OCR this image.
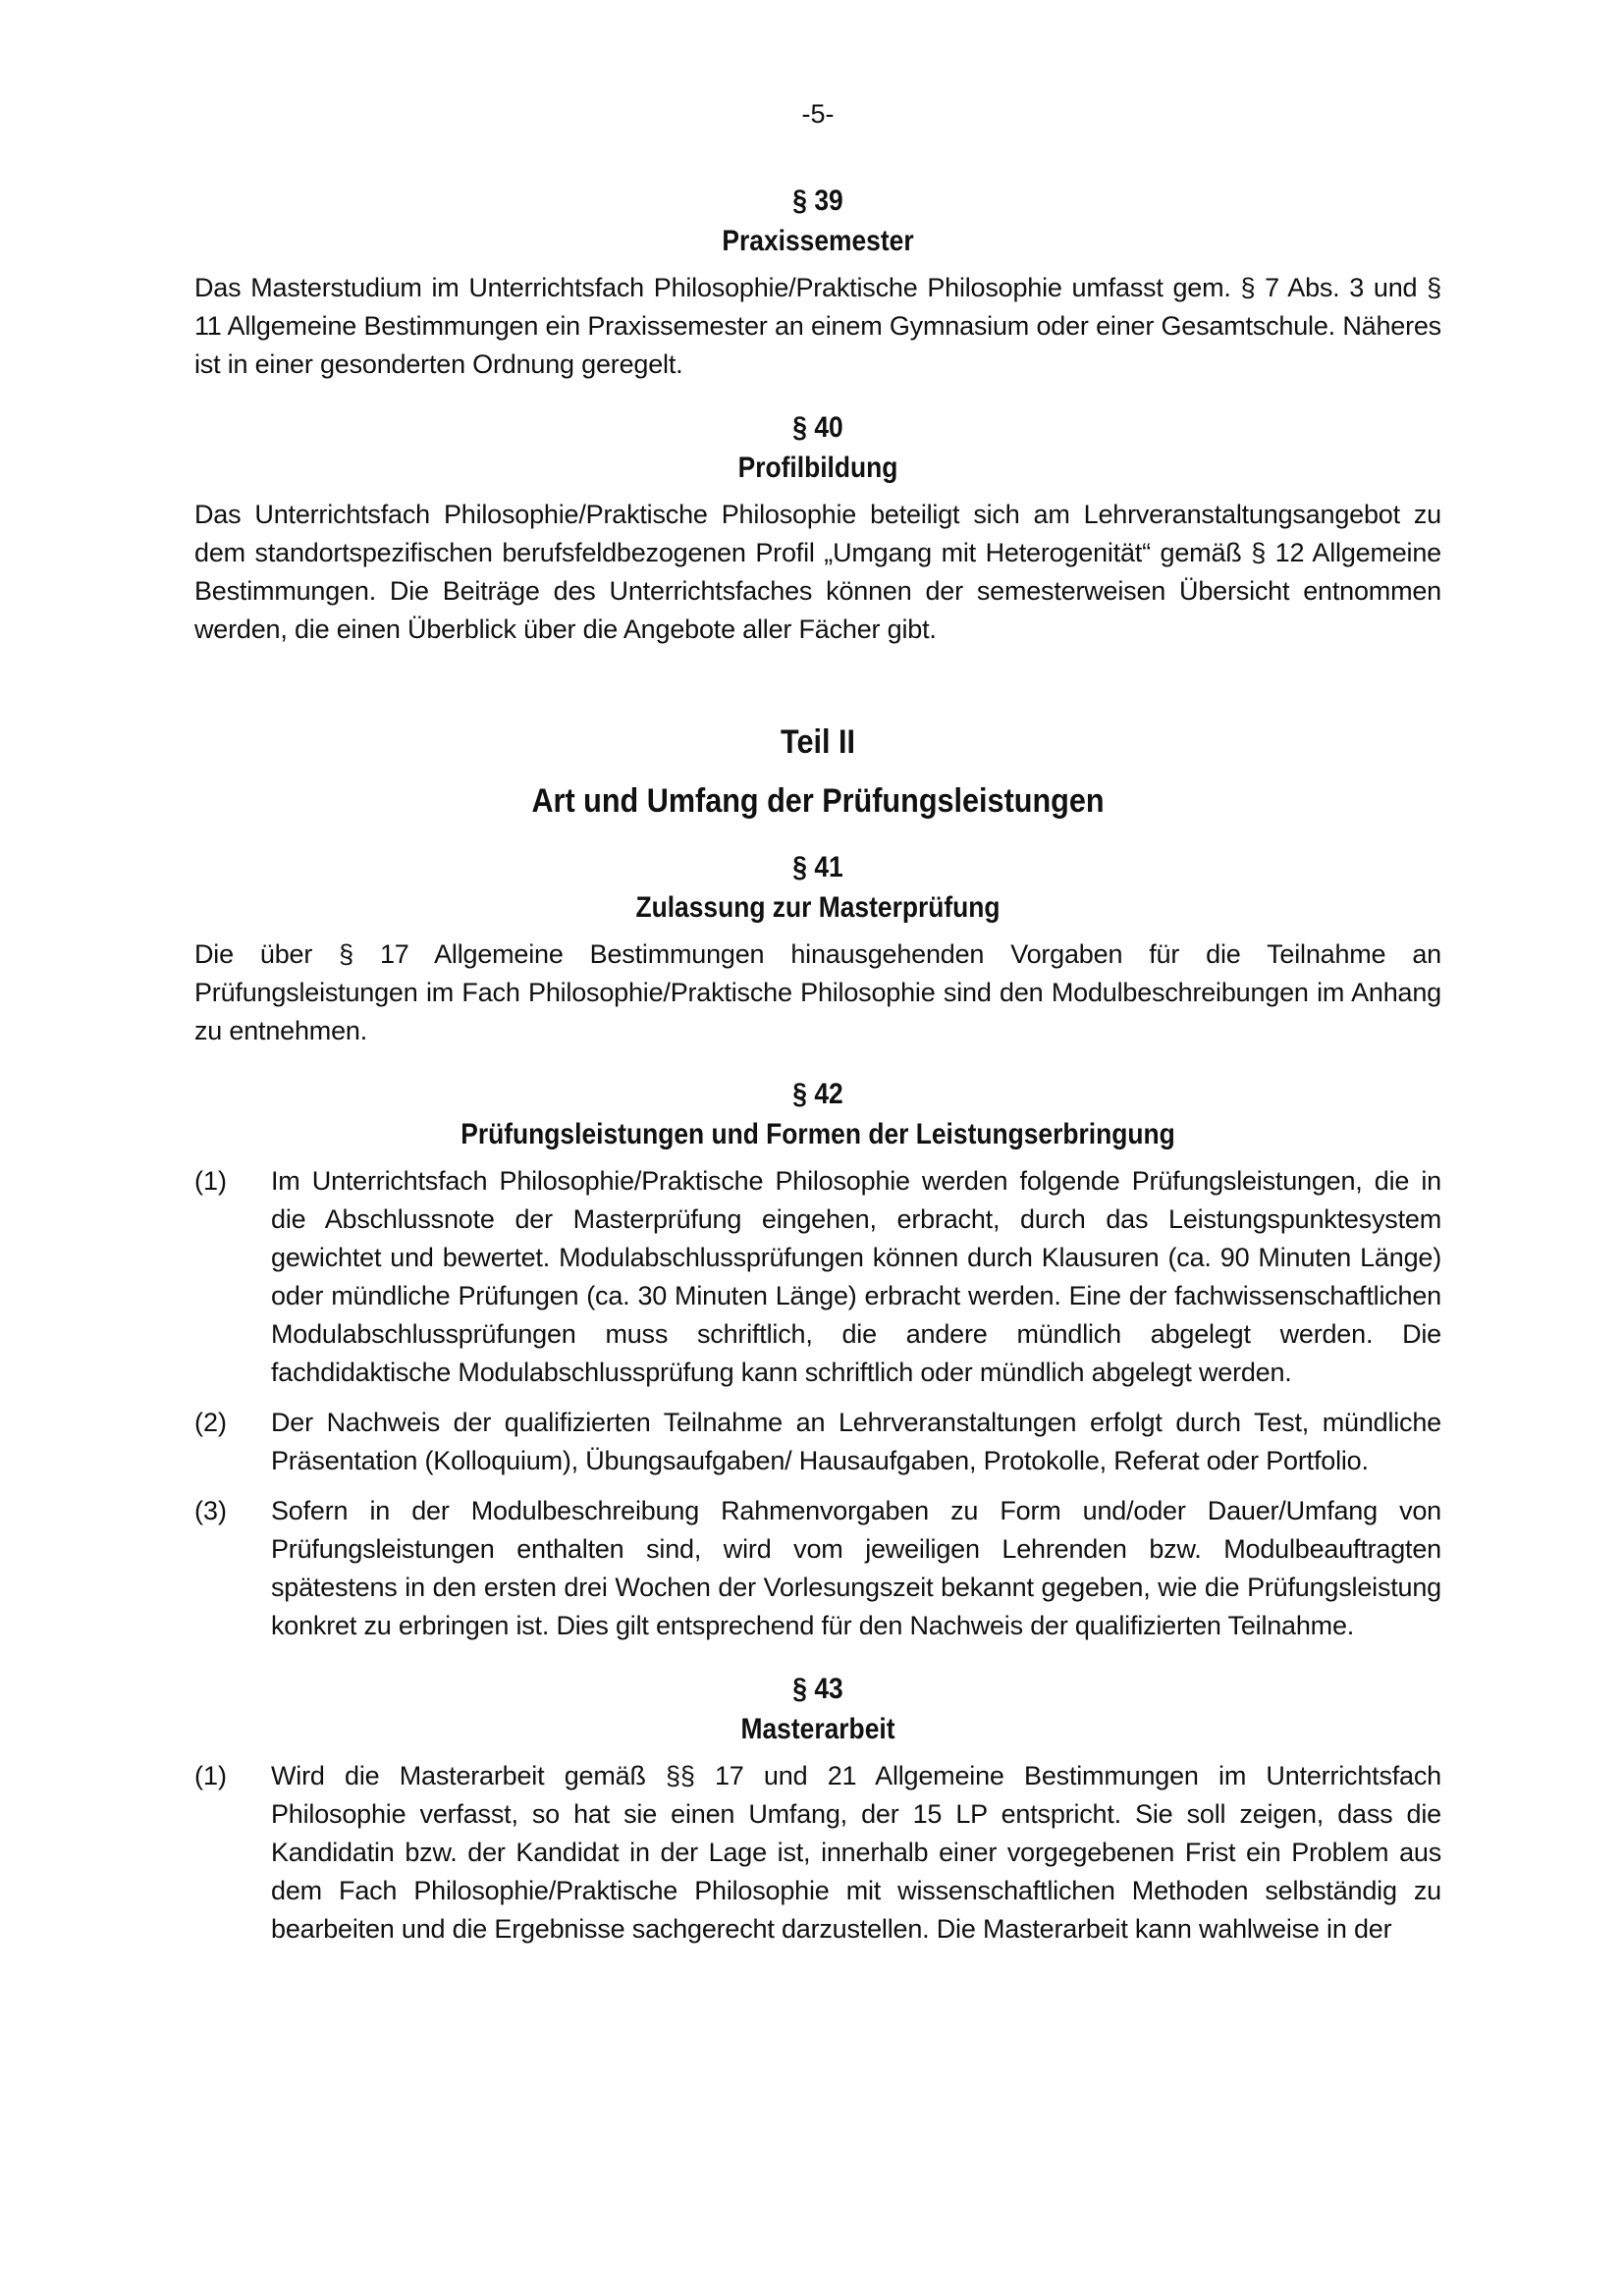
-5-
§ 39
Praxissemester

Das Masterstudium im Unterrichtsfach Philosophie/Praktische Philosophie umfasst gem. § 7 Abs. 3 und § 11 Allgemeine Bestimmungen ein Praxissemester an einem Gymnasium oder einer Gesamtschule. Näheres ist in einer gesonderten Ordnung geregelt.

§ 40
Profilbildung

Das Unterrichtsfach Philosophie/Praktische Philosophie beteiligt sich am Lehrveranstaltungsangebot zu dem standortspezifischen berufsfeldbezogenen Profil „Umgang mit Heterogenität“ gemäß § 12 Allgemeine Bestimmungen. Die Beiträge des Unterrichtsfaches können der semesterweisen Übersicht entnommen werden, die einen Überblick über die Angebote aller Fächer gibt.

Teil II
Art und Umfang der Prüfungsleistungen
§ 41
Zulassung zur Masterprüfung

Die über § 17 Allgemeine Bestimmungen hinausgehenden Vorgaben für die Teilnahme an Prüfungsleistungen im Fach Philosophie/Praktische Philosophie sind den Modulbeschreibungen im Anhang zu entnehmen.

§ 42
Prüfungsleistungen und Formen der Leistungserbringung
(1)	Im Unterrichtsfach Philosophie/Praktische Philosophie werden folgende Prüfungsleistungen, die in die Abschlussnote der Masterprüfung eingehen, erbracht, durch das Leistungspunktesystem gewichtet und bewertet. Modulabschlussprüfungen können durch Klausuren (ca. 90 Minuten Länge) oder mündliche Prüfungen (ca. 30 Minuten Länge) erbracht werden. Eine der fachwissenschaftlichen Modulabschlussprüfungen muss schriftlich, die andere mündlich abgelegt werden. Die fachdidaktische Modulabschlussprüfung kann schriftlich oder mündlich abgelegt werden.
(2)	Der Nachweis der qualifizierten Teilnahme an Lehrveranstaltungen erfolgt durch Test, mündliche Präsentation (Kolloquium), Übungsaufgaben/ Hausaufgaben, Protokolle, Referat oder Portfolio.
(3)	Sofern in der Modulbeschreibung Rahmenvorgaben zu Form und/oder Dauer/Umfang von Prüfungsleistungen enthalten sind, wird vom jeweiligen Lehrenden bzw. Modulbeauftragten spätestens in den ersten drei Wochen der Vorlesungszeit bekannt gegeben, wie die Prüfungsleistung konkret zu erbringen ist. Dies gilt entsprechend für den Nachweis der qualifizierten Teilnahme.
§ 43
Masterarbeit
(1)	Wird die Masterarbeit gemäß §§ 17 und 21 Allgemeine Bestimmungen im Unterrichtsfach Philosophie verfasst, so hat sie einen Umfang, der 15 LP entspricht. Sie soll zeigen, dass die Kandidatin bzw. der Kandidat in der Lage ist, innerhalb einer vorgegebenen Frist ein Problem aus dem Fach Philosophie/Praktische Philosophie mit wissenschaftlichen Methoden selbständig zu bearbeiten und die Ergebnisse sachgerecht darzustellen. Die Masterarbeit kann wahlweise in der
